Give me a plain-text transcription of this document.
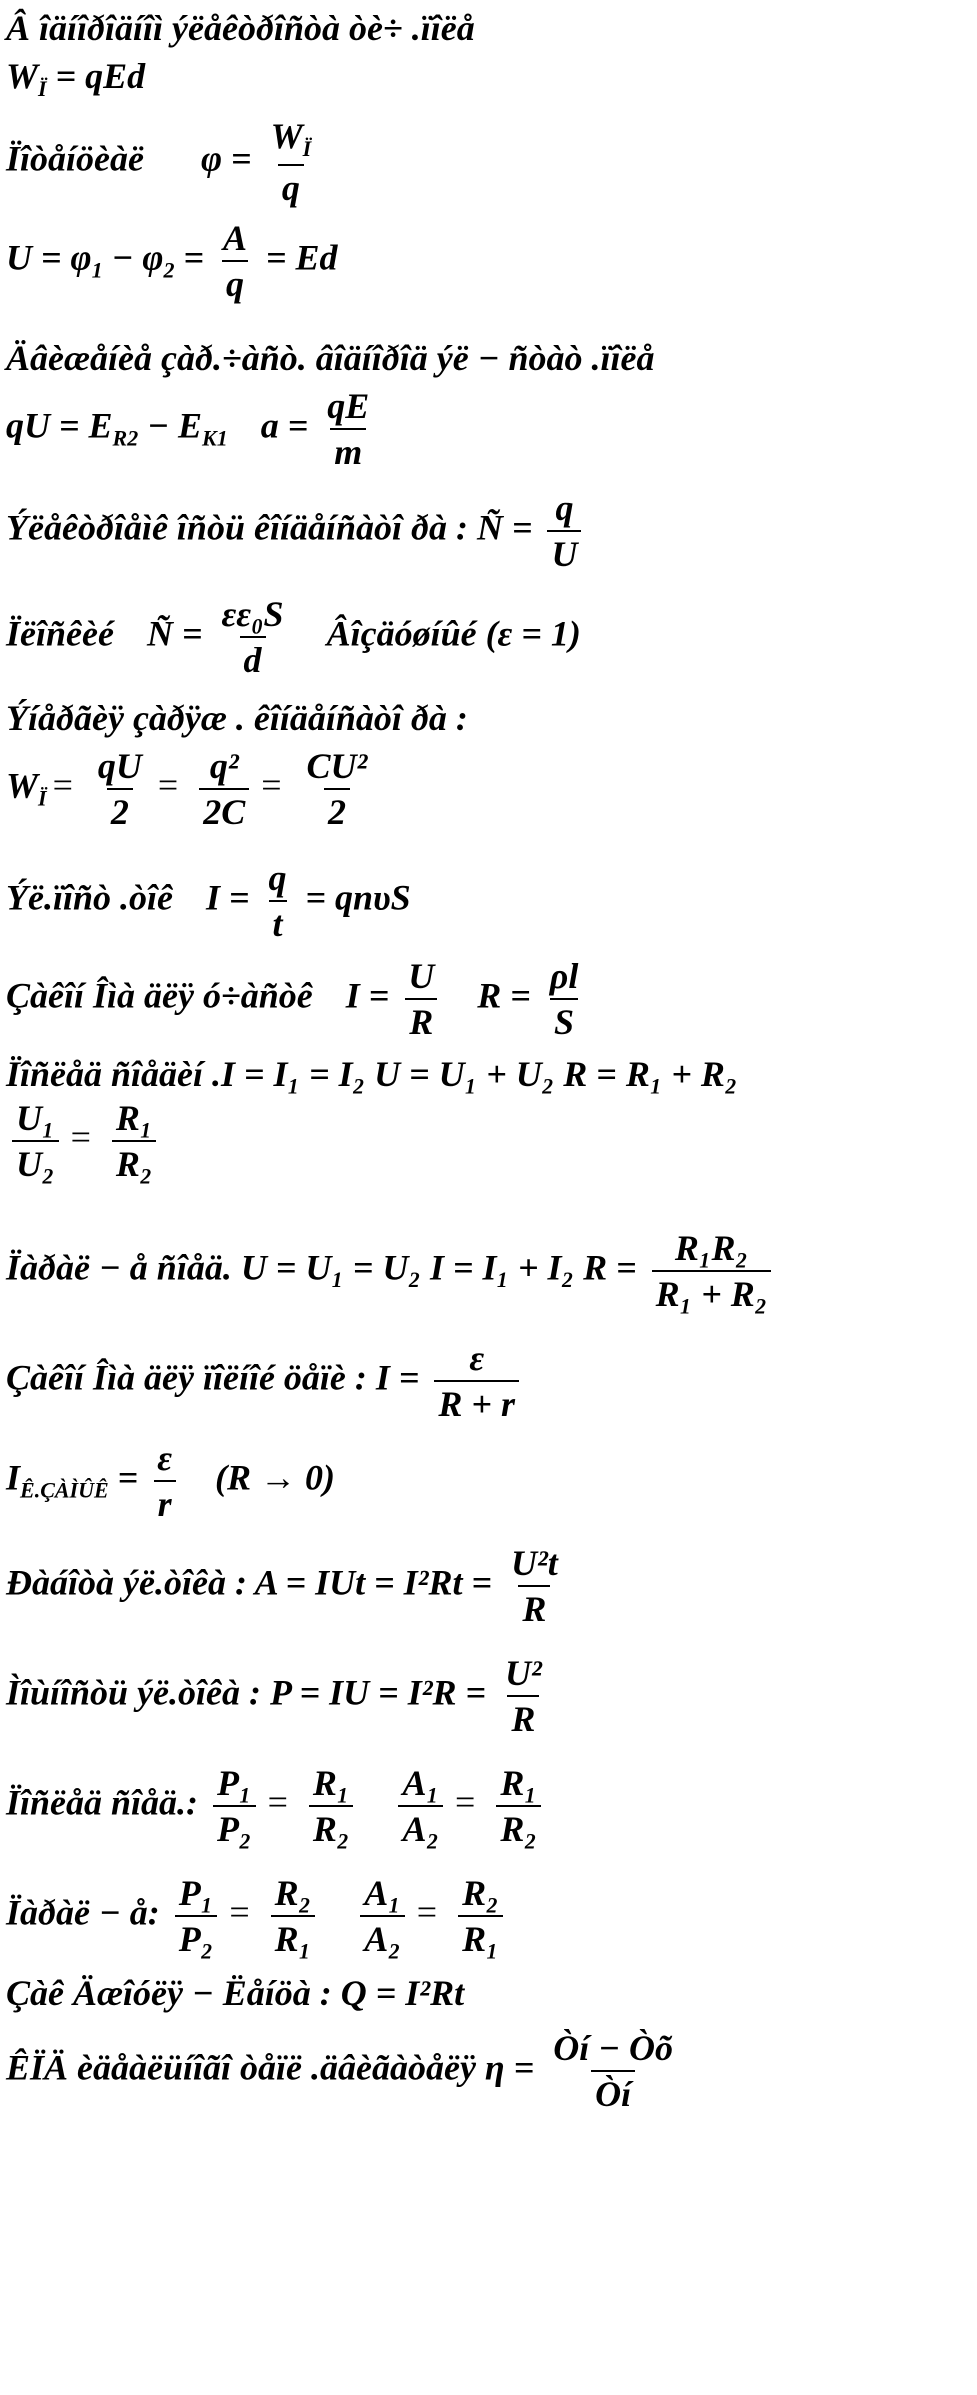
Â îäíîðîäíîì ýëåêòðîñòà òè÷ .ïîëå
$W_Ï$ = qEd
Ïîòåíöèàë $\varphi = \frac{W_Ï}{q}$
$U = \varphi_1 - \varphi_2 = \frac{A}{q} = Ed$
Äâèæåíèå çàð.÷àñò. âîäíîðîä ýë − ñòàò .ïîëå
qU = $E_{R2} - E_{K1}$ $a = \frac{qE}{m}$
Ýëåêòðîåìê îñòü êîíäåíñàòî ðà : Ñ = $\frac{q}{U}$
Ïëîñêèé Ñ = $\frac{\text{εε₀S}}{d}$ Âîçäóøíûé (ε = 1)
Ýíåðãèÿ çàðÿæ . êîíäåíñàòî ðà :
$W_Ï = \frac{qU}{2} = \frac{\text{q²}}{2C} = \frac{\text{CU²}}{2}$
Ýë.ïîñò .òîê $I = \frac{q}{t} = qn\upsilon S$
Çàêîí Îìà äëÿ ó÷àñòê $I = \frac{U}{R}$ $R = \frac{\rho l}{S}$
Ïîñëåä ñîåäèí .I = I₁ = I₂ U = U₁ + U₂ R = R₁ + R₂
$\frac{\text{U₁}}{\text{U₂}} = \frac{\text{R₁}}{\text{R₂}}$
Ïàðàë − å ñîåä. U = U₁ = U₂ I = I₁ + I₂ $R = \frac{\text{R₁R₂}}{\text{R₁ + R₂}}$
Çàêîí Îìà äëÿ ïîëíîé öåïè : $I = \frac{\varepsilon}{R + r}$
$I_{Ê.ÇÀÌÛÊ} = \frac{\varepsilon}{r} (R \to 0)$
Ðàáîòà ýë.òîêà : A = IUt = $I^2Rt = \frac{\text{U²t}}{R}$
Ìîùíîñòü ýë.òîêà : P = IU = $I^2R = \frac{\text{U²}}{R}$
Ïîñëåä ñîåä.: $\frac{\text{P₁}}{\text{P₂}} = \frac{\text{R₁}}{\text{R₂}}$
$\frac{\text{A₁}}{\text{A₂}} = \frac{\text{R₁}}{\text{R₂}}$
Ïàðàë − å: $\frac{\text{P₁}}{\text{P₂}} = \frac{\text{R₂}}{\text{R₁}}$
$\frac{\text{A₁}}{\text{A₂}} = \frac{\text{R₂}}{\text{R₁}}$
Çàê Äæîóëÿ − Ëåíöà : Q = I²Rt
ÊÏÄ èäåàëüíîãî òåïë .äâèãàòåëÿ $\eta = \frac{Òí - Òõ}{Òí}$
